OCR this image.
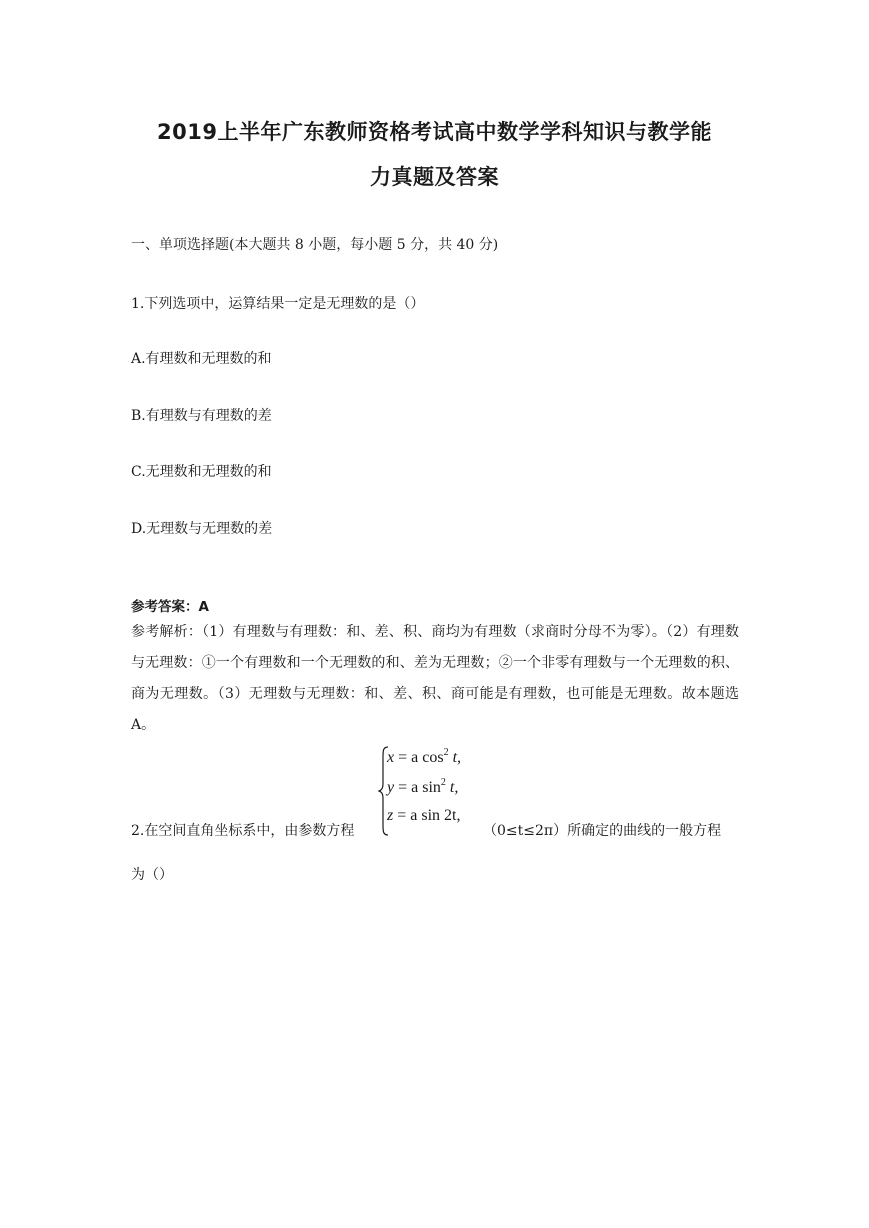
2019上半年广东教师资格考试高中数学学科知识与教学能
力真题及答案
一、单项选择题(本大题共 8 小题，每小题 5 分，共 40 分)
1.下列选项中，运算结果一定是无理数的是（）
A.有理数和无理数的和
B.有理数与有理数的差
C.无理数和无理数的和
D.无理数与无理数的差
参考答案：A
参考解析：（1）有理数与有理数：和、差、积、商均为有理数（求商时分母不为零）。（2）有理数与无理数：①一个有理数和一个无理数的和、差为无理数；②一个非零有理数与一个无理数的积、商为无理数。（3）无理数与无理数：和、差、积、商可能是有理数，也可能是无理数。故本题选 A。
x = a $\cos^2 t$,
y = a $\sin^2 t$,
z = a sin 2t,
2.在空间直角坐标系中，由参数方程	（0≤t≤2π）所确定的曲线的一般方程
为（）
